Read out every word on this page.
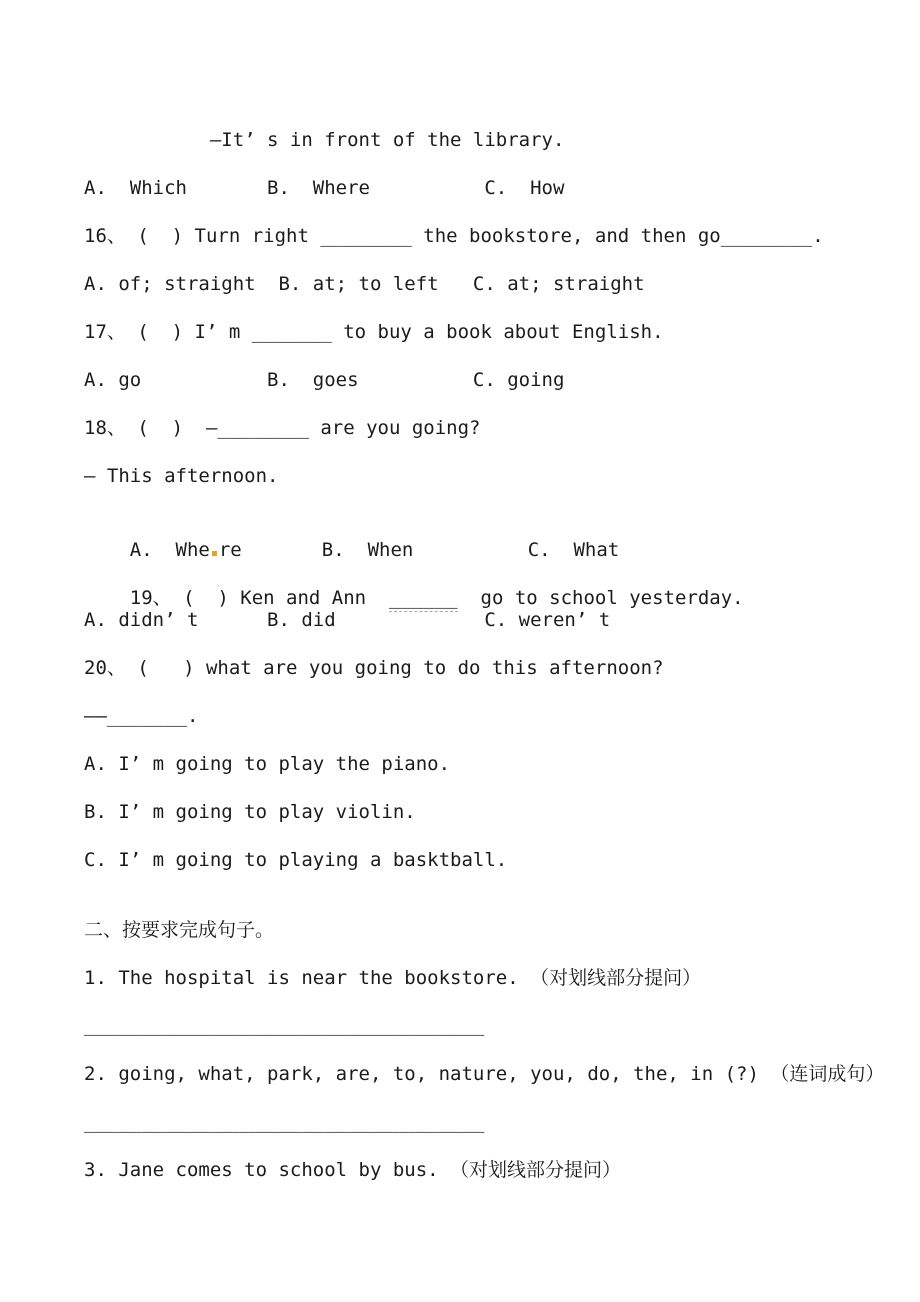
—It’ s in front of the library.
A.  Which       B.  Where          C.  How
16、 (  ) Turn right ________ the bookstore, and then go________.
A. of; straight  B. at; to left   C. at; straight
17、 (  ) I’ m _______ to buy a book about English.
A. go           B.  goes          C. going
18、 (  )  —________ are you going?
— This afternoon.

A.  Whe re       B.  When          C.  What

19、 (  ) Ken and Ann  ______  go to school yesterday.

A. didn’ t      B. did             C. weren’ t
20、 (   ) what are you going to do this afternoon?
——_______.
A. I’ m going to play the piano.
B. I’ m going to play violin.
C. I’ m going to playing a basktball.
二、按要求完成句子。
1. The hospital is near the bookstore. （对划线部分提问）
___________________________________
2. going, what, park, are, to, nature, you, do, the, in (?) （连词成句）
___________________________________
3. Jane comes to school by bus. （对划线部分提问）
